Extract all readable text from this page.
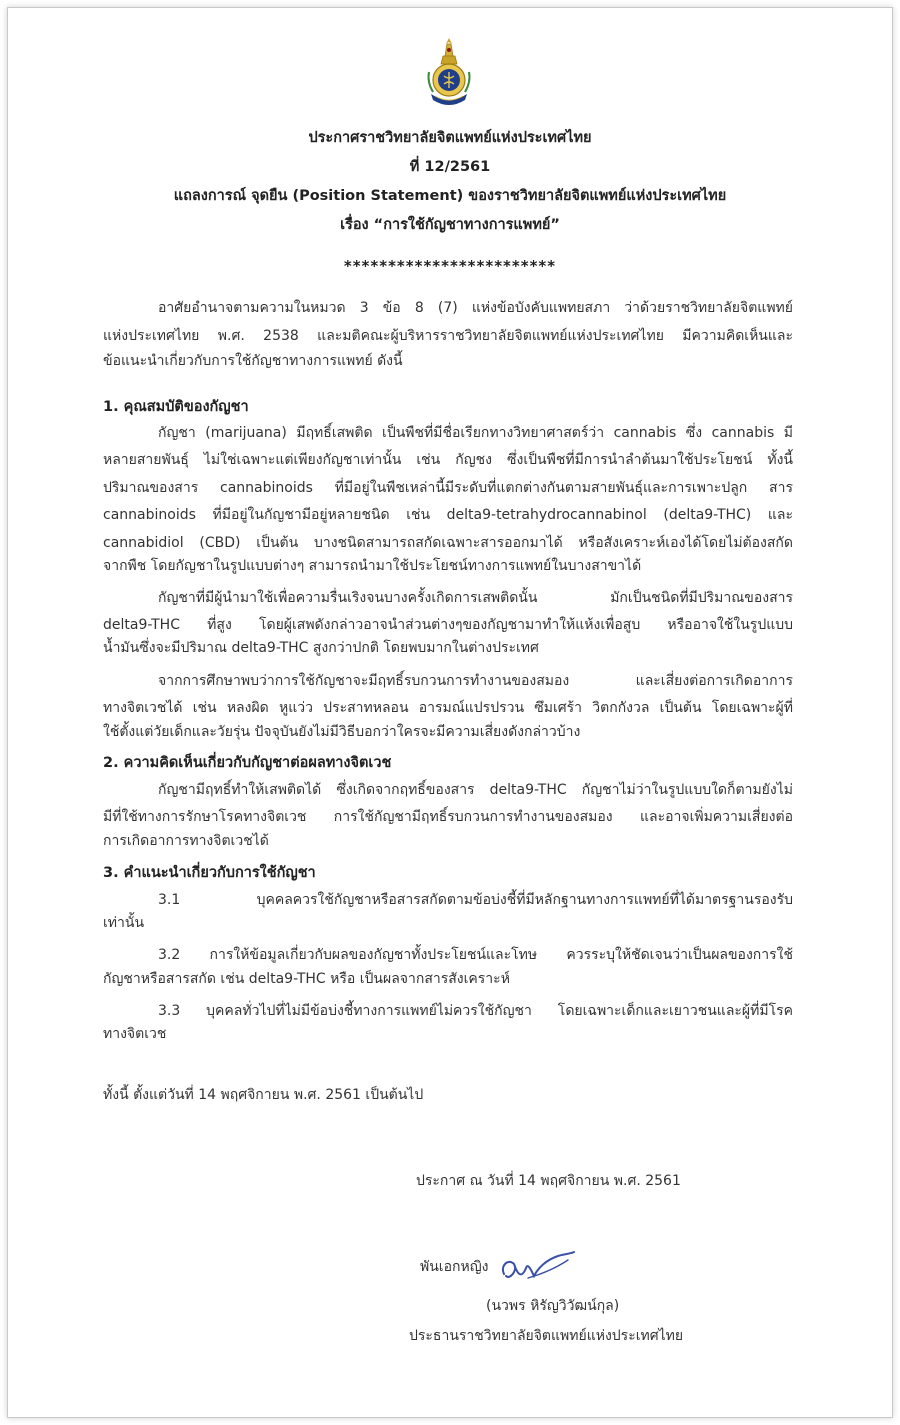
ประกาศราชวิทยาลัยจิตแพทย์แห่งประเทศไทย
ที่ 12/2561
แถลงการณ์ จุดยืน (Position Statement) ของราชวิทยาลัยจิตแพทย์แห่งประเทศไทย
เรื่อง “การใช้กัญชาทางการแพทย์”
************************
อาศัยอำนาจตามความในหมวด 3 ข้อ 8 (7) แห่งข้อบังคับแพทยสภา ว่าด้วยราชวิทยาลัยจิตแพทย์
แห่งประเทศไทย พ.ศ. 2538 และมติคณะผู้บริหารราชวิทยาลัยจิตแพทย์แห่งประเทศไทย มีความคิดเห็นและ
ข้อแนะนำเกี่ยวกับการใช้กัญชาทางการแพทย์ ดังนี้
1. คุณสมบัติของกัญชา
กัญชา (marijuana) มีฤทธิ์เสพติด เป็นพืชที่มีชื่อเรียกทางวิทยาศาสตร์ว่า cannabis ซึ่ง cannabis มี
หลายสายพันธุ์ ไม่ใช่เฉพาะแต่เพียงกัญชาเท่านั้น เช่น กัญชง ซึ่งเป็นพืชที่มีการนำลำต้นมาใช้ประโยชน์ ทั้งนี้
ปริมาณของสาร cannabinoids ที่มีอยู่ในพืชเหล่านี้มีระดับที่แตกต่างกันตามสายพันธุ์และการเพาะปลูก สาร
cannabinoids ที่มีอยู่ในกัญชามีอยู่หลายชนิด เช่น delta9-tetrahydrocannabinol (delta9-THC) และ
cannabidiol (CBD) เป็นต้น บางชนิดสามารถสกัดเฉพาะสารออกมาได้ หรือสังเคราะห์เองได้โดยไม่ต้องสกัด
จากพืช โดยกัญชาในรูปแบบต่างๆ สามารถนำมาใช้ประโยชน์ทางการแพทย์ในบางสาขาได้
กัญชาที่มีผู้นำมาใช้เพื่อความรื่นเริงจนบางครั้งเกิดการเสพติดนั้น มักเป็นชนิดที่มีปริมาณของสาร
delta9-THC ที่สูง โดยผู้เสพดังกล่าวอาจนำส่วนต่างๆของกัญชามาทำให้แห้งเพื่อสูบ หรืออาจใช้ในรูปแบบ
น้ำมันซึ่งจะมีปริมาณ delta9-THC สูงกว่าปกติ โดยพบมากในต่างประเทศ
จากการศึกษาพบว่าการใช้กัญชาจะมีฤทธิ์รบกวนการทำงานของสมอง และเสี่ยงต่อการเกิดอาการ
ทางจิตเวชได้ เช่น หลงผิด หูแว่ว ประสาทหลอน อารมณ์แปรปรวน ซึมเศร้า วิตกกังวล เป็นต้น โดยเฉพาะผู้ที่
ใช้ตั้งแต่วัยเด็กและวัยรุ่น ปัจจุบันยังไม่มีวิธีบอกว่าใครจะมีความเสี่ยงดังกล่าวบ้าง
2. ความคิดเห็นเกี่ยวกับกัญชาต่อผลทางจิตเวช
กัญชามีฤทธิ์ทำให้เสพติดได้ ซึ่งเกิดจากฤทธิ์ของสาร delta9-THC กัญชาไม่ว่าในรูปแบบใดก็ตามยังไม่
มีที่ใช้ทางการรักษาโรคทางจิตเวช การใช้กัญชามีฤทธิ์รบกวนการทำงานของสมอง และอาจเพิ่มความเสี่ยงต่อ
การเกิดอาการทางจิตเวชได้
3. คำแนะนำเกี่ยวกับการใช้กัญชา
3.1 บุคคลควรใช้กัญชาหรือสารสกัดตามข้อบ่งชี้ที่มีหลักฐานทางการแพทย์ที่ได้มาตรฐานรองรับ
เท่านั้น
3.2 การให้ข้อมูลเกี่ยวกับผลของกัญชาทั้งประโยชน์และโทษ ควรระบุให้ชัดเจนว่าเป็นผลของการใช้
กัญชาหรือสารสกัด เช่น delta9-THC หรือ เป็นผลจากสารสังเคราะห์
3.3 บุคคลทั่วไปที่ไม่มีข้อบ่งชี้ทางการแพทย์ไม่ควรใช้กัญชา โดยเฉพาะเด็กและเยาวชนและผู้ที่มีโรค
ทางจิตเวช
ทั้งนี้ ตั้งแต่วันที่ 14 พฤศจิกายน พ.ศ. 2561 เป็นต้นไป
ประกาศ ณ วันที่ 14 พฤศจิกายน พ.ศ. 2561
พันเอกหญิง
(นวพร หิรัญวิวัฒน์กุล)
ประธานราชวิทยาลัยจิตแพทย์แห่งประเทศไทย
